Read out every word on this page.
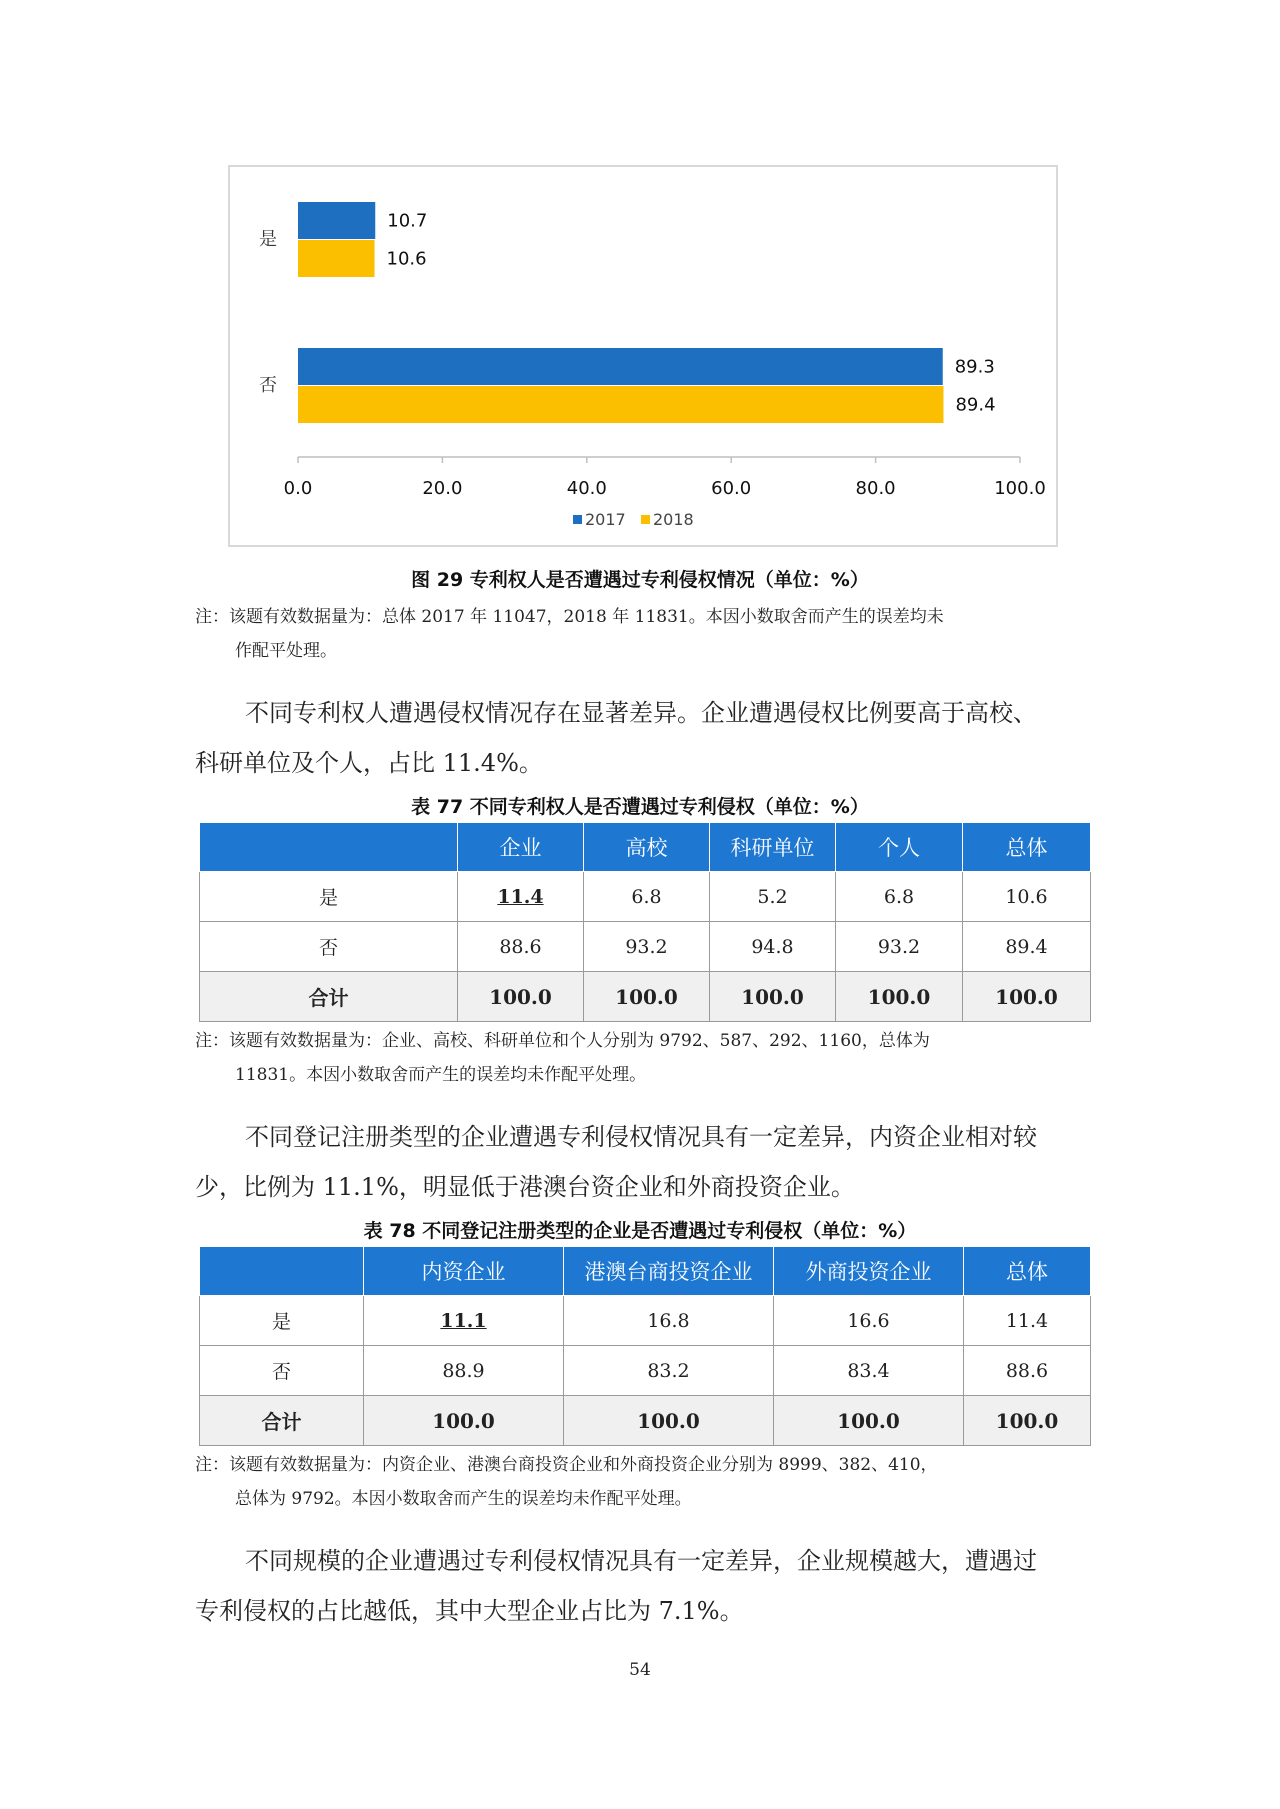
是
10.7
10.6
否
89.3
89.4
0.0	20.0	40.0	60.0	80.0	100.0
2017 2018
图 29 专利权人是否遭遇过专利侵权情况（单位：%）
注：该题有效数据量为：总体 2017 年 11047，2018 年 11831。本因小数取舍而产生的误差均未
作配平处理。
不同专利权人遭遇侵权情况存在显著差异。企业遭遇侵权比例要高于高校、
科研单位及个人，占比 11.4%。
表 77 不同专利权人是否遭遇过专利侵权（单位：%）
	企业	高校	科研单位	个人	总体
是	11.4	6.8	5.2	6.8	10.6
否	88.6	93.2	94.8	93.2	89.4
合计	100.0	100.0	100.0	100.0	100.0
注：该题有效数据量为：企业、高校、科研单位和个人分别为 9792、587、292、1160，总体为
11831。本因小数取舍而产生的误差均未作配平处理。
不同登记注册类型的企业遭遇专利侵权情况具有一定差异，内资企业相对较
少，比例为 11.1%，明显低于港澳台资企业和外商投资企业。
表 78 不同登记注册类型的企业是否遭遇过专利侵权（单位：%）
	内资企业	港澳台商投资企业	外商投资企业	总体
是	11.1	16.8	16.6	11.4
否	88.9	83.2	83.4	88.6
合计	100.0	100.0	100.0	100.0
注：该题有效数据量为：内资企业、港澳台商投资企业和外商投资企业分别为 8999、382、410，
总体为 9792。本因小数取舍而产生的误差均未作配平处理。
不同规模的企业遭遇过专利侵权情况具有一定差异，企业规模越大，遭遇过
专利侵权的占比越低，其中大型企业占比为 7.1%。
54
